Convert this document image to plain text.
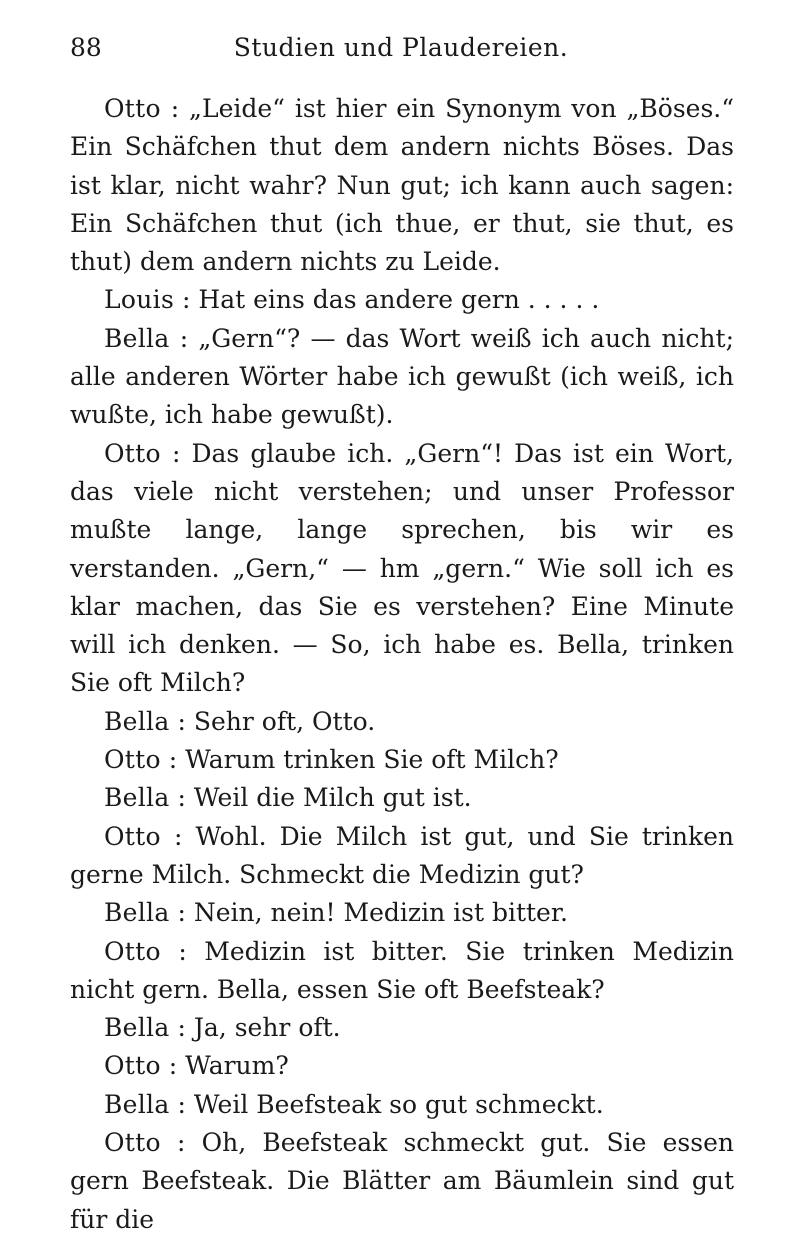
88	Studien und Plaudereien.

Otto : „Leide“ ist hier ein Synonym von „Böses.“ Ein Schäfchen thut dem andern nichts Böses. Das ist klar, nicht wahr? Nun gut; ich kann auch sagen: Ein Schäfchen thut (ich thue, er thut, sie thut, es thut) dem andern nichts zu Leide.

Louis : Hat eins das andere gern . . . . .

Bella : „Gern“? — das Wort weiß ich auch nicht; alle anderen Wörter habe ich gewußt (ich weiß, ich wußte, ich habe gewußt).

Otto : Das glaube ich. „Gern“! Das ist ein Wort, das viele nicht verstehen; und unser Professor mußte lange, lange sprechen, bis wir es verstanden. „Gern,“ — hm „gern.“ Wie soll ich es klar machen, das Sie es verstehen? Eine Minute will ich denken. — So, ich habe es. Bella, trinken Sie oft Milch?

Bella : Sehr oft, Otto.

Otto : Warum trinken Sie oft Milch?

Bella : Weil die Milch gut ist.

Otto : Wohl. Die Milch ist gut, und Sie trinken gerne Milch. Schmeckt die Medizin gut?

Bella : Nein, nein! Medizin ist bitter.

Otto : Medizin ist bitter. Sie trinken Medizin nicht gern. Bella, essen Sie oft Beefsteak?

Bella : Ja, sehr oft.

Otto : Warum?

Bella : Weil Beefsteak so gut schmeckt.

Otto : Oh, Beefsteak schmeckt gut. Sie essen gern Beefsteak. Die Blätter am Bäumlein sind gut für die
